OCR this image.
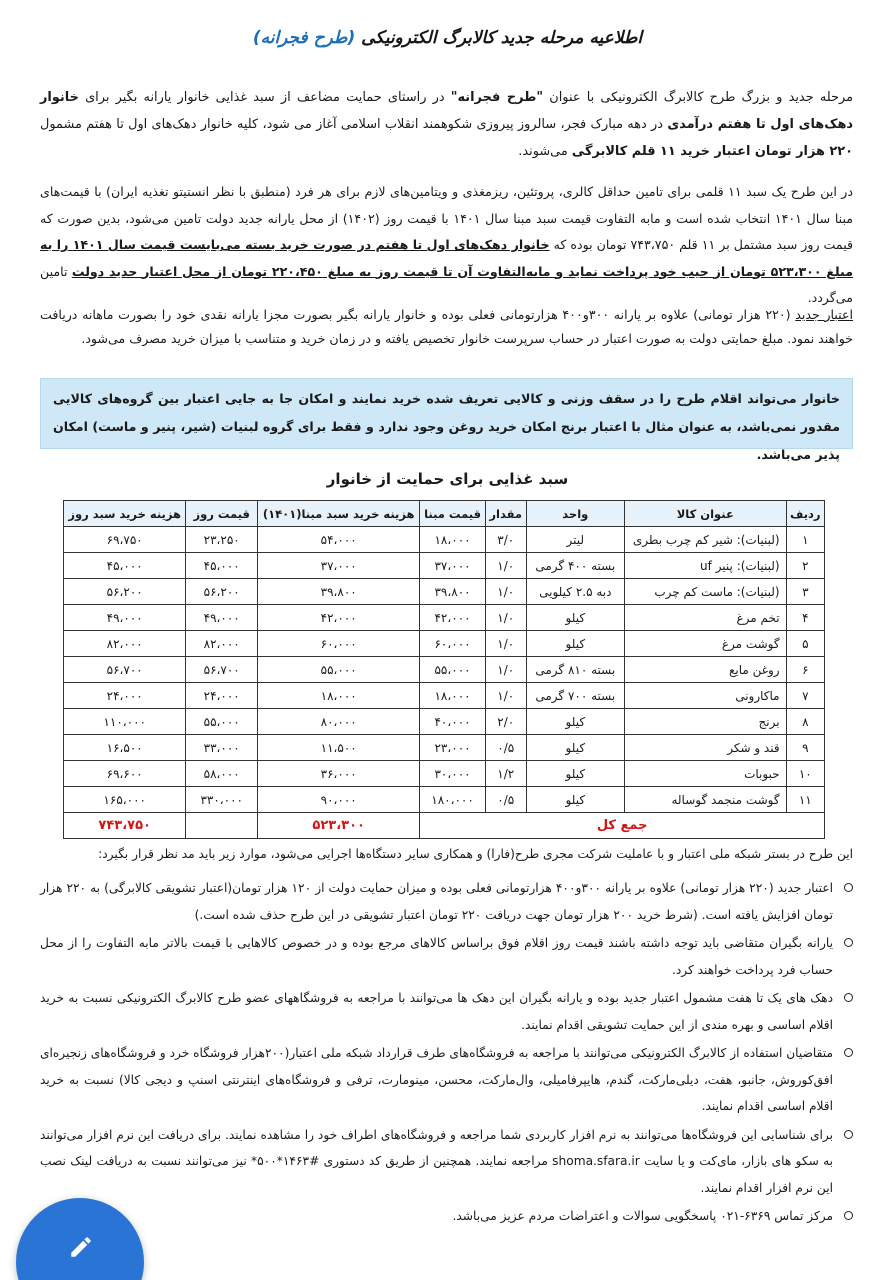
اطلاعیه مرحله جدید کالابرگ الکترونیکی (طرح فجرانه)
مرحله جدید و بزرگ طرح کالابرگ الکترونیکی با عنوان "طرح فجرانه" در راستای حمایت مضاعف از سبد غذایی خانوار یارانه بگیر برای خانوار دهک‌های اول تا هفتم درآمدی در دهه مبارک فجر، سالروز پیروزی شکوهمند انقلاب اسلامی آغاز می شود، کلیه خانوار دهک‌های اول تا هفتم مشمول ۲۲۰ هزار تومان اعتبار خرید ۱۱ قلم کالابرگی می‌شوند.
در این طرح یک سبد ۱۱ قلمی برای تامین حداقل کالری، پروتئین، ریزمغذی و ویتامین‌های لازم برای هر فرد (منطبق با نظر انستیتو تغذیه ایران) با قیمت‌های مبنا سال ۱۴۰۱ انتخاب شده است و مابه التفاوت قیمت سبد مبنا سال ۱۴۰۱ با قیمت روز (۱۴۰۲) از محل یارانه جدید دولت تامین می‌شود، بدین صورت که قیمت روز سبد مشتمل بر ۱۱ قلم ۷۴۳،۷۵۰ تومان بوده که خانوار دهک‌های اول تا هفتم در صورت خرید بسته می‌بایست قیمت سال ۱۴۰۱ را به مبلغ ۵۲۳،۳۰۰ تومان از جیب خود پرداخت نماید و مابه‌التفاوت آن تا قیمت روز به مبلغ ۲۲۰،۴۵۰ تومان از محل اعتبار جدید دولت تامین می‌گردد.
اعتبار جدید (۲۲۰ هزار تومانی) علاوه بر یارانه ۳۰۰و۴۰۰ هزارتومانی فعلی بوده و خانوار یارانه بگیر بصورت مجزا یارانه نقدی خود را بصورت ماهانه دریافت خواهند نمود. مبلغ حمایتی دولت به صورت اعتبار در حساب سرپرست خانوار تخصیص یافته و در زمان خرید و متناسب با میزان خرید مصرف می‌شود.
خانوار می‌تواند اقلام طرح را در سقف وزنی و کالایی تعریف شده خرید نمایند و امکان جا به جایی اعتبار بین گروه‌های کالایی مقدور نمی‌باشد، به عنوان مثال با اعتبار برنج امکان خرید روغن وجود ندارد و فقط برای گروه لبنیات (شیر، پنیر و ماست) امکان پذیر می‌باشد.
سبد غذایی برای حمایت از خانوار
ردیف	عنوان کالا	واحد	مقدار	قیمت مبنا	هزینه خرید سبد مبنا(۱۴۰۱)	قیمت روز	هزینه خرید سبد روز
۱	(لبنیات): شیر کم چرب بطری	لیتر	۳/۰	۱۸،۰۰۰	۵۴،۰۰۰	۲۳،۲۵۰	۶۹،۷۵۰
۲	(لبنیات): پنیر uf	بسته ۴۰۰ گرمی	۱/۰	۳۷،۰۰۰	۳۷،۰۰۰	۴۵،۰۰۰	۴۵،۰۰۰
۳	(لبنیات): ماست کم چرب	دبه ۲.۵ کیلویی	۱/۰	۳۹،۸۰۰	۳۹،۸۰۰	۵۶،۲۰۰	۵۶،۲۰۰
۴	تخم مرغ	کیلو	۱/۰	۴۲،۰۰۰	۴۲،۰۰۰	۴۹،۰۰۰	۴۹،۰۰۰
۵	گوشت مرغ	کیلو	۱/۰	۶۰،۰۰۰	۶۰،۰۰۰	۸۲،۰۰۰	۸۲،۰۰۰
۶	روغن مایع	بسته ۸۱۰ گرمی	۱/۰	۵۵،۰۰۰	۵۵،۰۰۰	۵۶،۷۰۰	۵۶،۷۰۰
۷	ماکارونی	بسته ۷۰۰ گرمی	۱/۰	۱۸،۰۰۰	۱۸،۰۰۰	۲۴،۰۰۰	۲۴،۰۰۰
۸	برنج	کیلو	۲/۰	۴۰،۰۰۰	۸۰،۰۰۰	۵۵،۰۰۰	۱۱۰،۰۰۰
۹	قند و شکر	کیلو	۰/۵	۲۳،۰۰۰	۱۱،۵۰۰	۳۳،۰۰۰	۱۶،۵۰۰
۱۰	حبوبات	کیلو	۱/۲	۳۰،۰۰۰	۳۶،۰۰۰	۵۸،۰۰۰	۶۹،۶۰۰
۱۱	گوشت منجمد گوساله	کیلو	۰/۵	۱۸۰،۰۰۰	۹۰،۰۰۰	۳۳۰،۰۰۰	۱۶۵،۰۰۰
جمع کل					۵۲۳،۳۰۰		۷۴۳،۷۵۰
این طرح در بستر شبکه ملی اعتبار و با عاملیت شرکت مجری طرح(فارا) و همکاری سایر دستگاه‌ها اجرایی می‌شود، موارد زیر باید مد نظر قرار بگیرد:
اعتبار جدید (۲۲۰ هزار تومانی) علاوه بر یارانه ۳۰۰و۴۰۰ هزارتومانی فعلی بوده و میزان حمایت دولت از ۱۲۰ هزار تومان(اعتبار تشویقی کالابرگی) به ۲۲۰ هزار تومان افزایش یافته است. (شرط خرید ۲۰۰ هزار تومان جهت دریافت ۲۲۰ تومان اعتبار تشویقی در این طرح حذف شده است.)
یارانه بگیران متقاضی باید توجه داشته باشند قیمت روز اقلام فوق براساس کالاهای مرجع بوده و در خصوص کالاهایی با قیمت بالاتر مابه التفاوت را از محل حساب فرد پرداخت خواهند کرد.
دهک های یک تا هفت مشمول اعتبار جدید بوده و یارانه بگیران این دهک ها می‌توانند با مراجعه به فروشگاههای عضو طرح کالابرگ الکترونیکی نسبت به خرید اقلام اساسی و بهره مندی از این حمایت تشویقی اقدام نمایند.
متقاضیان استفاده از کالابرگ الکترونیکی می‌توانند با مراجعه به فروشگاه‌های طرف قرارداد شبکه ملی اعتبار(۲۰۰هزار فروشگاه خرد و فروشگاه‌های زنجیره‌ای افق‌کوروش، جانبو، هفت، دیلی‌مارکت، گندم، هایپرفامیلی، وال‌مارکت، محسن، مینومارت، ترفی و فروشگاه‌های اینترنتی اسنپ و دیجی کالا) نسبت به خرید اقلام اساسی اقدام نمایند.
برای شناسایی این فروشگاه‌ها می‌توانند به نرم افزار کاربردی شما مراجعه و فروشگاه‌های اطراف خود را مشاهده نمایند. برای دریافت این نرم افزار می‌توانند به سکو های بازار، مای‌کت و یا سایت shoma.sfara.ir مراجعه نمایند. همچنین از طریق کد دستوری #۱۴۶۳*۵۰۰* نیز می‌توانند نسبت به دریافت لینک نصب این نرم افزار اقدام نمایند.
مرکز تماس ۶۳۶۹-۰۲۱ پاسخگویی سوالات و اعتراضات مردم عزیز می‌باشد.
